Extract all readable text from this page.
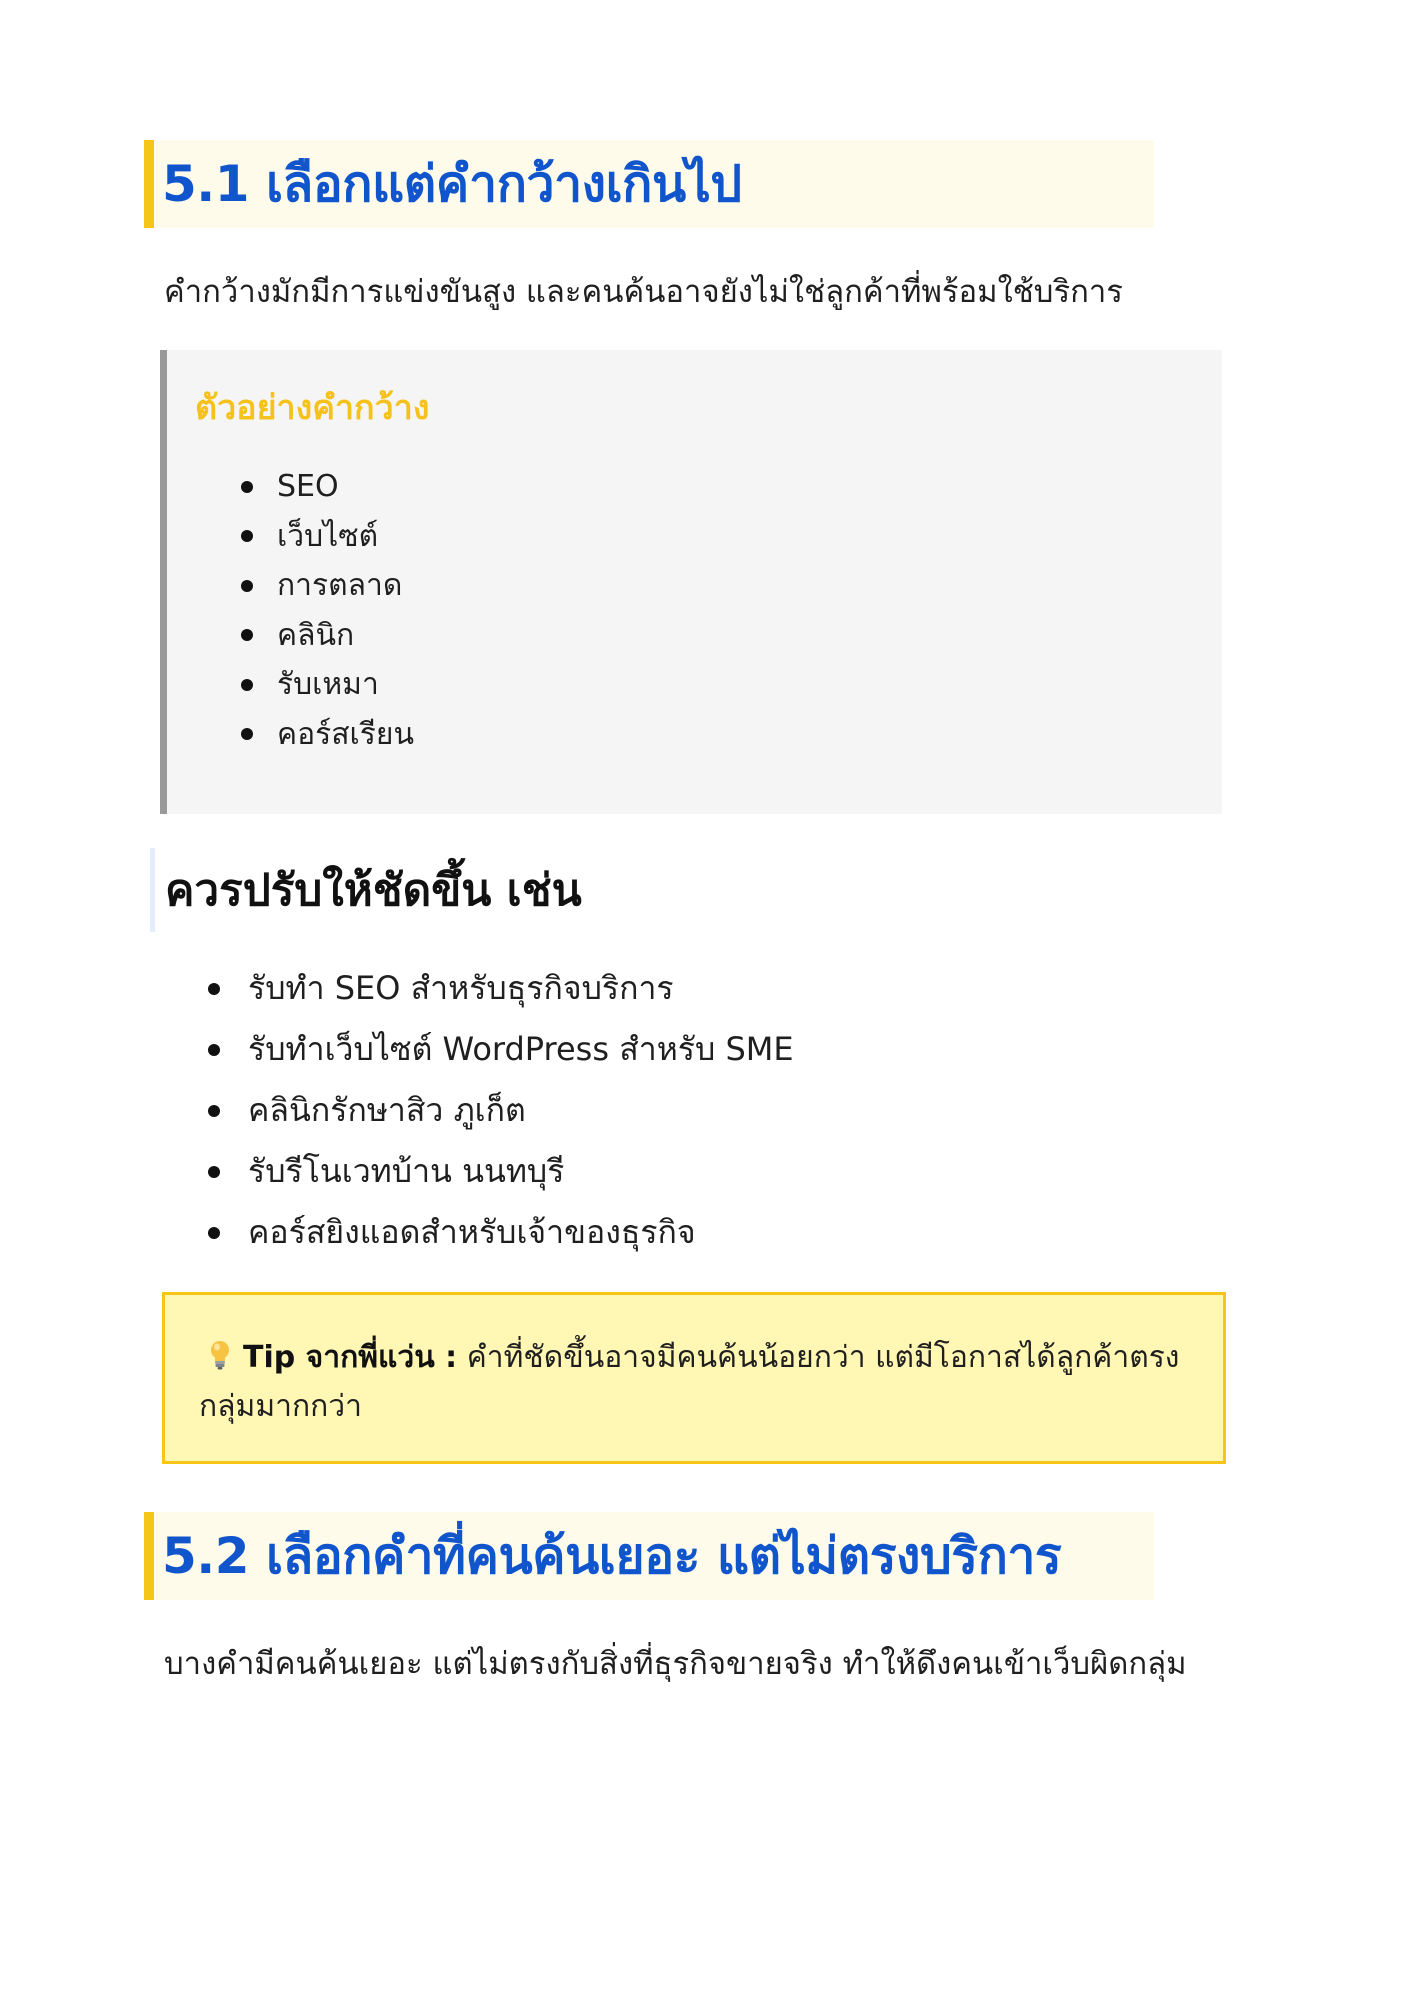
5.1 เลือกแต่คำกว้างเกินไป
คำกว้างมักมีการแข่งขันสูง และคนค้นอาจยังไม่ใช่ลูกค้าที่พร้อมใช้บริการ
ตัวอย่างคำกว้าง
SEO
เว็บไซต์
การตลาด
คลินิก
รับเหมา
คอร์สเรียน
ควรปรับให้ชัดขึ้น เช่น
รับทำ SEO สำหรับธุรกิจบริการ
รับทำเว็บไซต์ WordPress สำหรับ SME
คลินิกรักษาสิว ภูเก็ต
รับรีโนเวทบ้าน นนทบุรี
คอร์สยิงแอดสำหรับเจ้าของธุรกิจ
Tip จากพี่แว่น : คำที่ชัดขึ้นอาจมีคนค้นน้อยกว่า แต่มีโอกาสได้ลูกค้าตรงกลุ่มมากกว่า
5.2 เลือกคำที่คนค้นเยอะ แต่ไม่ตรงบริการ
บางคำมีคนค้นเยอะ แต่ไม่ตรงกับสิ่งที่ธุรกิจขายจริง ทำให้ดึงคนเข้าเว็บผิดกลุ่ม
